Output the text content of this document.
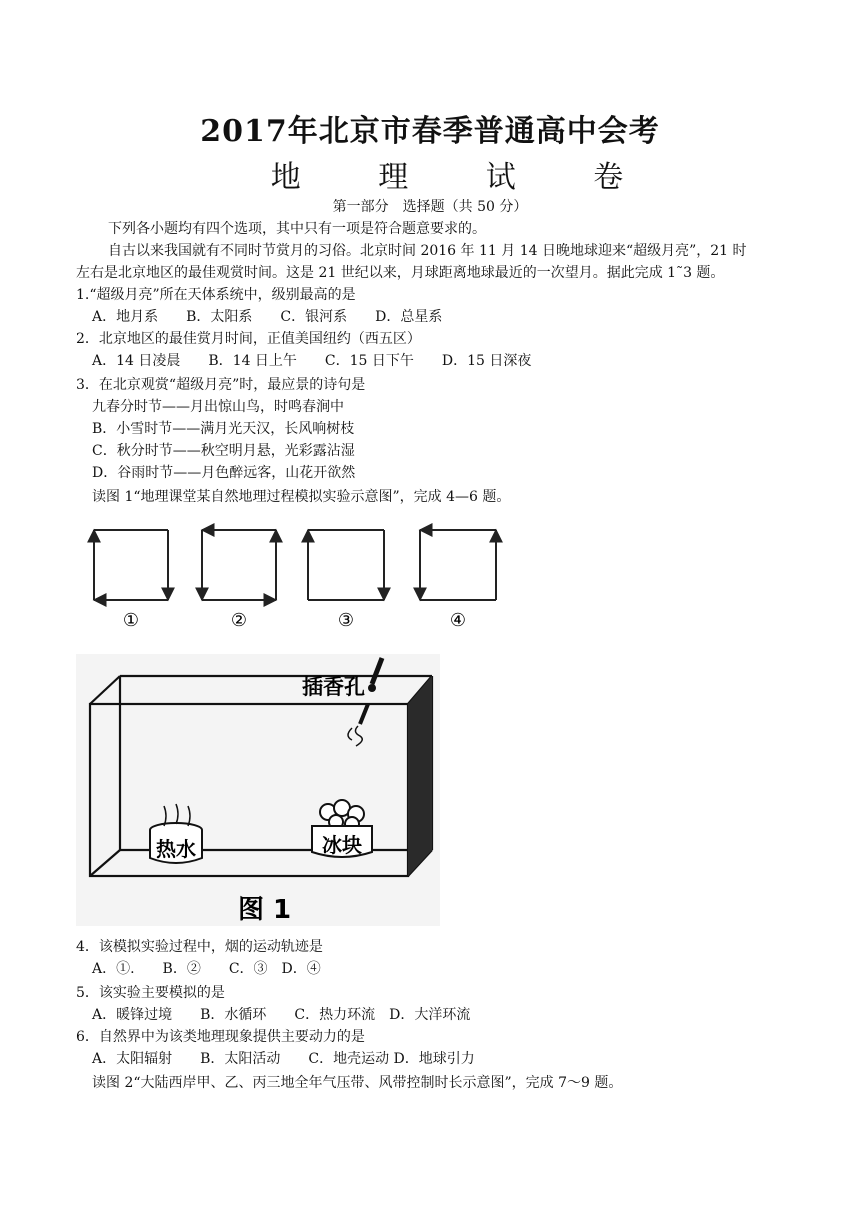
2017年北京市春季普通高中会考
地 理 试 卷
第一部分　选择题（共 50 分）
下列各小题均有四个选项，其中只有一项是符合题意要求的。
自古以来我国就有不同时节赏月的习俗。北京时间 2016 年 11 月 14 日晚地球迎来“超级月亮”，21 时
左右是北京地区的最佳观赏时间。这是 21 世纪以来，月球距离地球最近的一次望月。据此完成 1˜3 题。
1.“超级月亮”所在天体系统中，级别最高的是
A．地月系　　B．太阳系　　C．银河系　　D．总星系
2．北京地区的最佳赏月时间，正值美国纽约（西五区）
A．14 日凌晨　　B．14 日上午　　C．15 日下午　　D．15 日深夜
3．在北京观赏“超级月亮”时，最应景的诗句是
九春分时节——月出惊山鸟，时鸣春涧中
B．小雪时节——满月光天汉，长风响树枝
C．秋分时节——秋空明月悬，光彩露沾湿
D．谷雨时节——月色醉远客，山花开欲然
读图 1“地理课堂某自然地理过程模拟实验示意图”，完成 4—6 题。
①	②	③	④
插香孔
热水	冰块
图 1
4．该模拟实验过程中，烟的运动轨迹是
A．①.　　B．②　　C．③　D．④
5．该实验主要模拟的是
A．暖锋过境　　B．水循环　　C．热力环流　D．大洋环流
6．自然界中为该类地理现象提供主要动力的是
A．太阳辐射　　B．太阳活动　　C．地壳运动 D．地球引力
读图 2“大陆西岸甲、乙、丙三地全年气压带、风带控制时长示意图”，完成 7～9 题。
